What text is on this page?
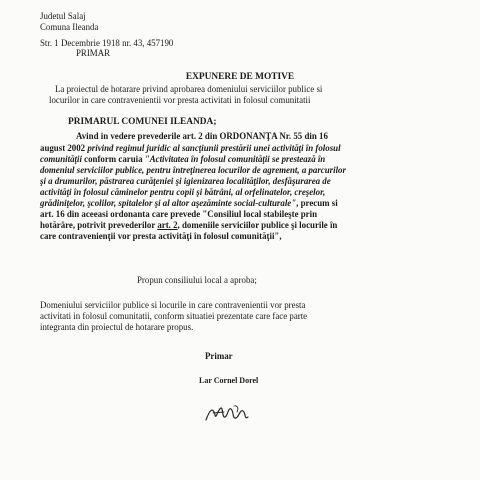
Judetul Salaj

Comuna Ileanda

Str. 1 Decembrie 1918 nr. 43, 457190

PRIMAR

EXPUNERE DE MOTIVE

La proiectul de hotarare privind aprobarea domeniului serviciilor publice si

locurilor in care contravenientii vor presta activitati in folosul comunitatii

PRIMARUL COMUNEI ILEANDA;

Avind in vedere prevederile art. 2 din ORDONANŢA Nr. 55 din 16

august 2002 privind regimul juridic al sancţiunii prestării unei activităţi în folosul

comunităţii conform caruia "Activitatea în folosul comunităţii se prestează în

domeniul serviciilor publice, pentru întreţinerea locurilor de agrement, a parcurilor

şi a drumurilor, păstrarea curăţeniei şi igienizarea localităţilor, desfăşurarea de

activităţi în folosul căminelor pentru copii şi bătrâni, al orfelinatelor, creşelor,

grădiniţelor, şcolilor, spitalelor şi al altor aşezăminte social-culturale", precum si

art. 16 din aceeasi ordonanta care prevede "Consiliul local stabileşte prin

hotărâre, potrivit prevederilor art. 2, domeniile serviciilor publice şi locurile în

care contravenienţii vor presta activităţi în folosul comunităţii",

Propun consiliului local a aproba;

Domeniului serviciilor publice si locurile in care contravenientii vor presta

activitati in folosul comunitatii, conform situatiei prezentate care face parte

integranta din proiectul de hotarare propus.

Primar

Lar Cornel Dorel
